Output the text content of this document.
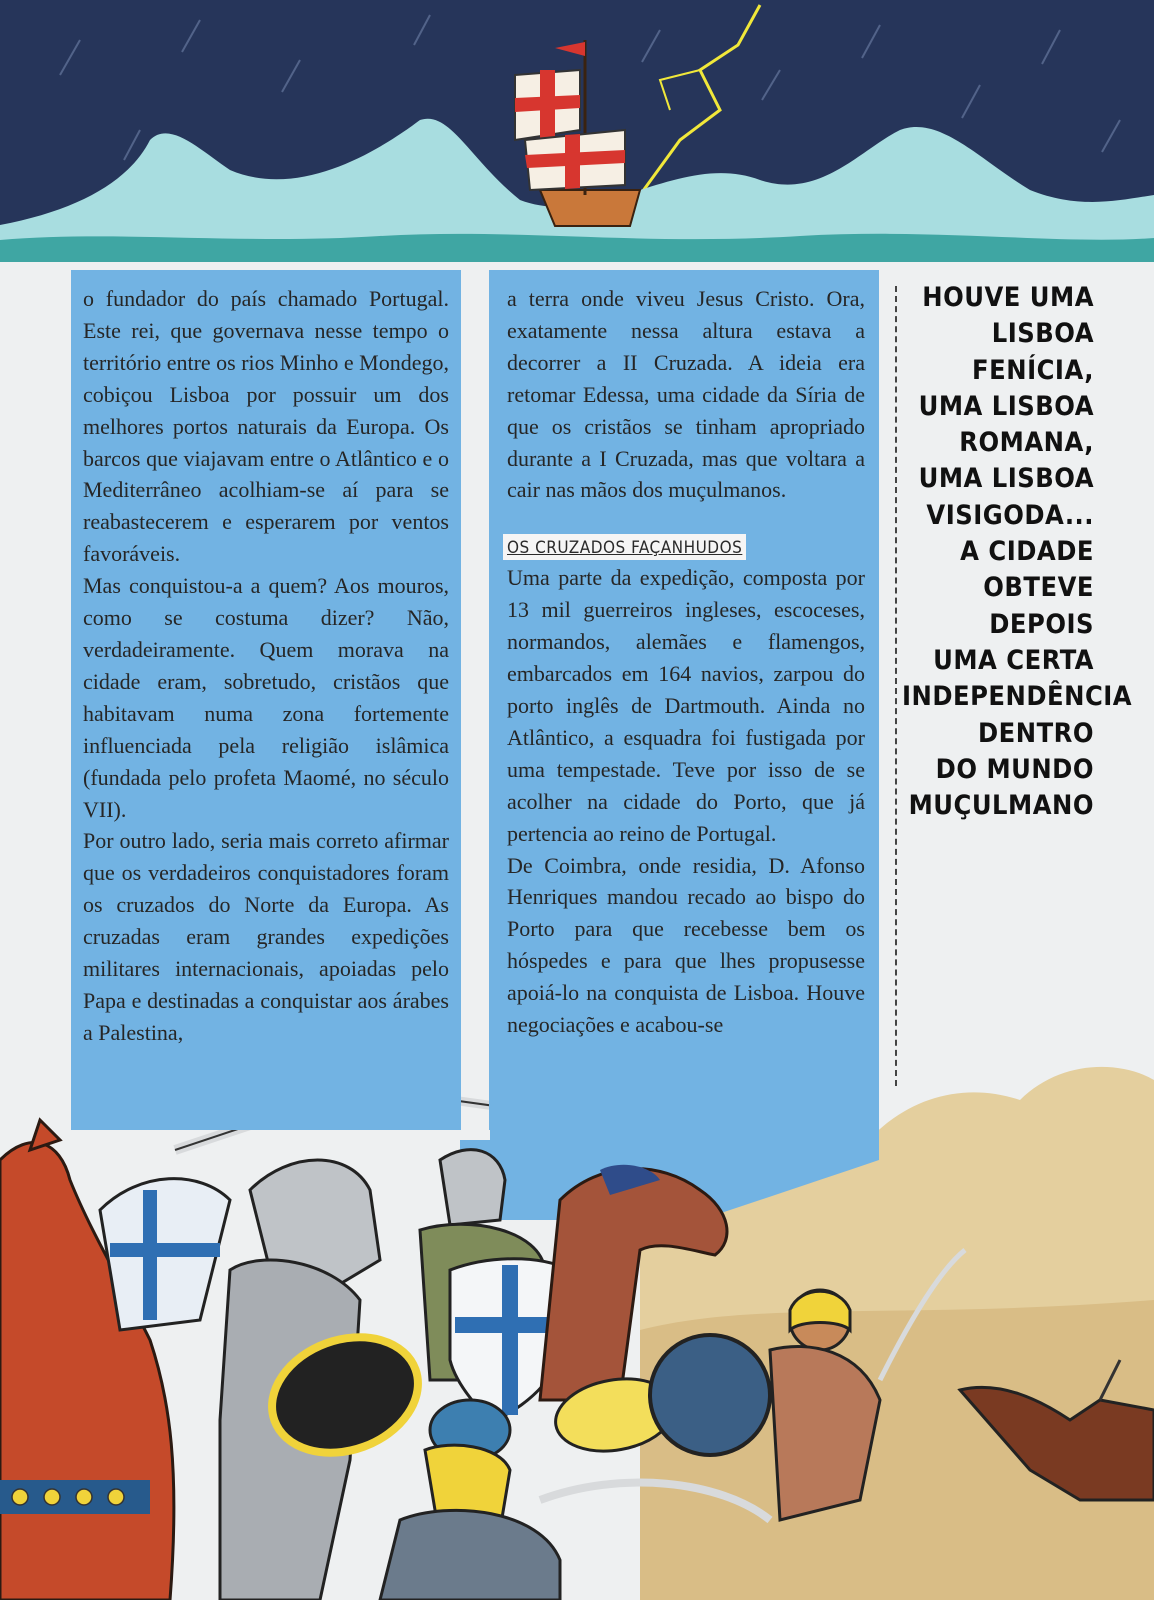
o fundador do país chamado Portugal. Este rei, que governava nesse tempo o território entre os rios Minho e Mondego, cobiçou Lisboa por possuir um dos melhores portos naturais da Europa. Os barcos que viajavam entre o Atlântico e o Mediterrâneo acolhiam-se aí para se reabastecerem e esperarem por ventos favoráveis.

Mas conquistou-a a quem? Aos mouros, como se costuma dizer? Não, verdadeiramente. Quem morava na cidade eram, sobretudo, cristãos que habitavam numa zona fortemente influenciada pela religião islâmica (fundada pelo profeta Maomé, no século VII).

Por outro lado, seria mais correto afirmar que os verdadeiros conquistadores foram os cruzados do Norte da Europa. As cruzadas eram grandes expedições militares internacionais, apoiadas pelo Papa e destinadas a conquistar aos árabes a Palestina,

a terra onde viveu Jesus Cristo. Ora, exatamente nessa altura estava a decorrer a II Cruzada. A ideia era retomar Edessa, uma cidade da Síria de que os cristãos se tinham apropriado durante a I Cruzada, mas que voltara a cair nas mãos dos muçulmanos.

OS CRUZADOS FAÇANHUDOS

Uma parte da expedição, composta por 13 mil guerreiros ingleses, escoceses, normandos, alemães e flamengos, embarcados em 164 navios, zarpou do porto inglês de Dartmouth. Ainda no Atlântico, a esquadra foi fustigada por uma tempestade. Teve por isso de se acolher na cidade do Porto, que já pertencia ao reino de Portugal.

De Coimbra, onde residia, D. Afonso Henriques mandou recado ao bispo do Porto para que recebesse bem os hóspedes e para que lhes propusesse apoiá-lo na conquista de Lisboa. Houve negociações e acabou-se

HOUVE UMA
LISBOA
FENÍCIA,
UMA LISBOA
ROMANA,
UMA LISBOA
VISIGODA...
A CIDADE
OBTEVE DEPOIS
UMA CERTA
INDEPENDÊNCIA
DENTRO
DO MUNDO
MUÇULMANO
